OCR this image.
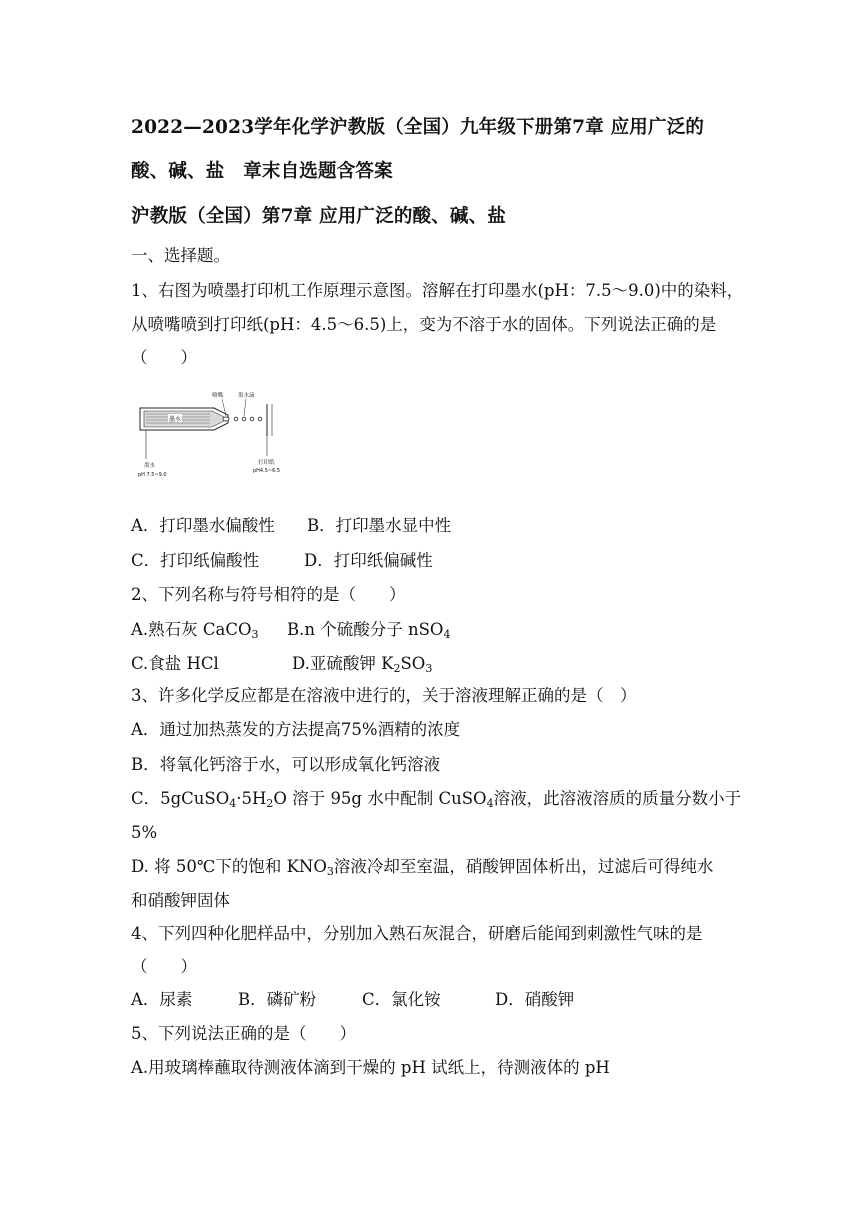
2022—2023学年化学沪教版（全国）九年级下册第7章 应用广泛的
酸、碱、盐　章末自选题含答案
沪教版（全国）第7章 应用广泛的酸、碱、盐
一、选择题。
1、右图为喷墨打印机工作原理示意图。溶解在打印墨水(pH：7.5～9.0)中的染料，
从喷嘴喷到打印纸(pH：4.5～6.5)上，变为不溶于水的固体。下列说法正确的是
（　　）
墨水
喷嘴	墨水滴
墨水
pH 7.5~9.0
打印纸
pH4.5~6.5
A．打印墨水偏酸性 B．打印墨水显中性
C．打印纸偏酸性	D．打印纸偏碱性
2、下列名称与符号相符的是（　　）
A.熟石灰 CaCO$_3$ B.n 个硫酸分子 nSO$_4$
C.食盐 HCl	D.亚硫酸钾 $K_2SO_3$
3、许多化学反应都是在溶液中进行的，关于溶液理解正确的是（　）
A．通过加热蒸发的方法提高75%酒精的浓度
B．将氧化钙溶于水，可以形成氧化钙溶液
C．$5gCuSO_4\cdot 5H_2O$ 溶于 95g 水中配制 CuSO$_4$溶液，此溶液溶质的质量分数小于
5%
D. 将 50℃下的饱和 $KNO_3$溶液冷却至室温，硝酸钾固体析出，过滤后可得纯水
和硝酸钾固体
4、下列四种化肥样品中，分别加入熟石灰混合，研磨后能闻到刺激性气味的是
（　　）
A．尿素	B．磷矿粉	C．氯化铵	D．硝酸钾
5、下列说法正确的是（　　）
A.用玻璃棒蘸取待测液体滴到干燥的 pH 试纸上，待测液体的 pH
